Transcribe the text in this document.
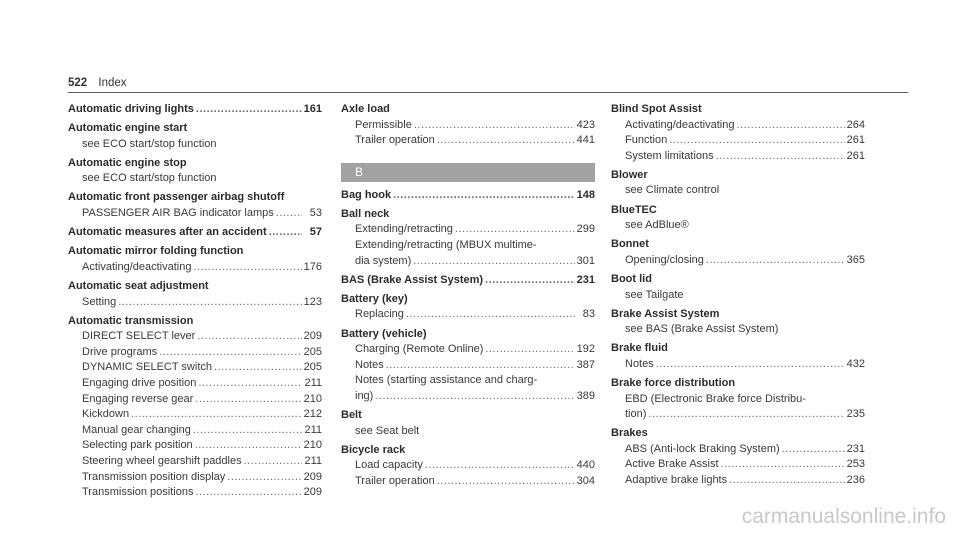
522 Index
Automatic driving lights .....	161
Automatic engine start
see ECO start/stop function
Automatic engine stop
see ECO start/stop function
Automatic front passenger airbag shutoff
PASSENGER AIR BAG indicator lamps .....	53
Automatic measures after an accident .....	57
Automatic mirror folding function
Activating/deactivating .....	176
Automatic seat adjustment
Setting .....	123
Automatic transmission
DIRECT SELECT lever .....	209
Drive programs .....	205
DYNAMIC SELECT switch .....	205
Engaging drive position .....	211
Engaging reverse gear .....	210
Kickdown .....	212
Manual gear changing .....	211
Selecting park position .....	210
Steering wheel gearshift paddles .....	211
Transmission position display .....	209
Transmission positions .....	209
Axle load
Permissible .....	423
Trailer operation .....	441
B
Bag hook .....	148
Ball neck
Extending/retracting .....	299
Extending/retracting (MBUX multime-
dia system) .....	301
BAS (Brake Assist System) .....	231
Battery (key)
Replacing .....	83
Battery (vehicle)
Charging (Remote Online) .....	192
Notes .....	387
Notes (starting assistance and charg-
ing) .....	389
Belt
see Seat belt
Bicycle rack
Load capacity .....	440
Trailer operation .....	304
Blind Spot Assist
Activating/deactivating .....	264
Function .....	261
System limitations .....	261
Blower
see Climate control
BlueTEC
see AdBlue®
Bonnet
Opening/closing .....	365
Boot lid
see Tailgate
Brake Assist System
see BAS (Brake Assist System)
Brake fluid
Notes .....	432
Brake force distribution
EBD (Electronic Brake force Distribu-
tion) .....	235
Brakes
ABS (Anti-lock Braking System) .....	231
Active Brake Assist .....	253
Adaptive brake lights .....	236
carmanualsonline.info
